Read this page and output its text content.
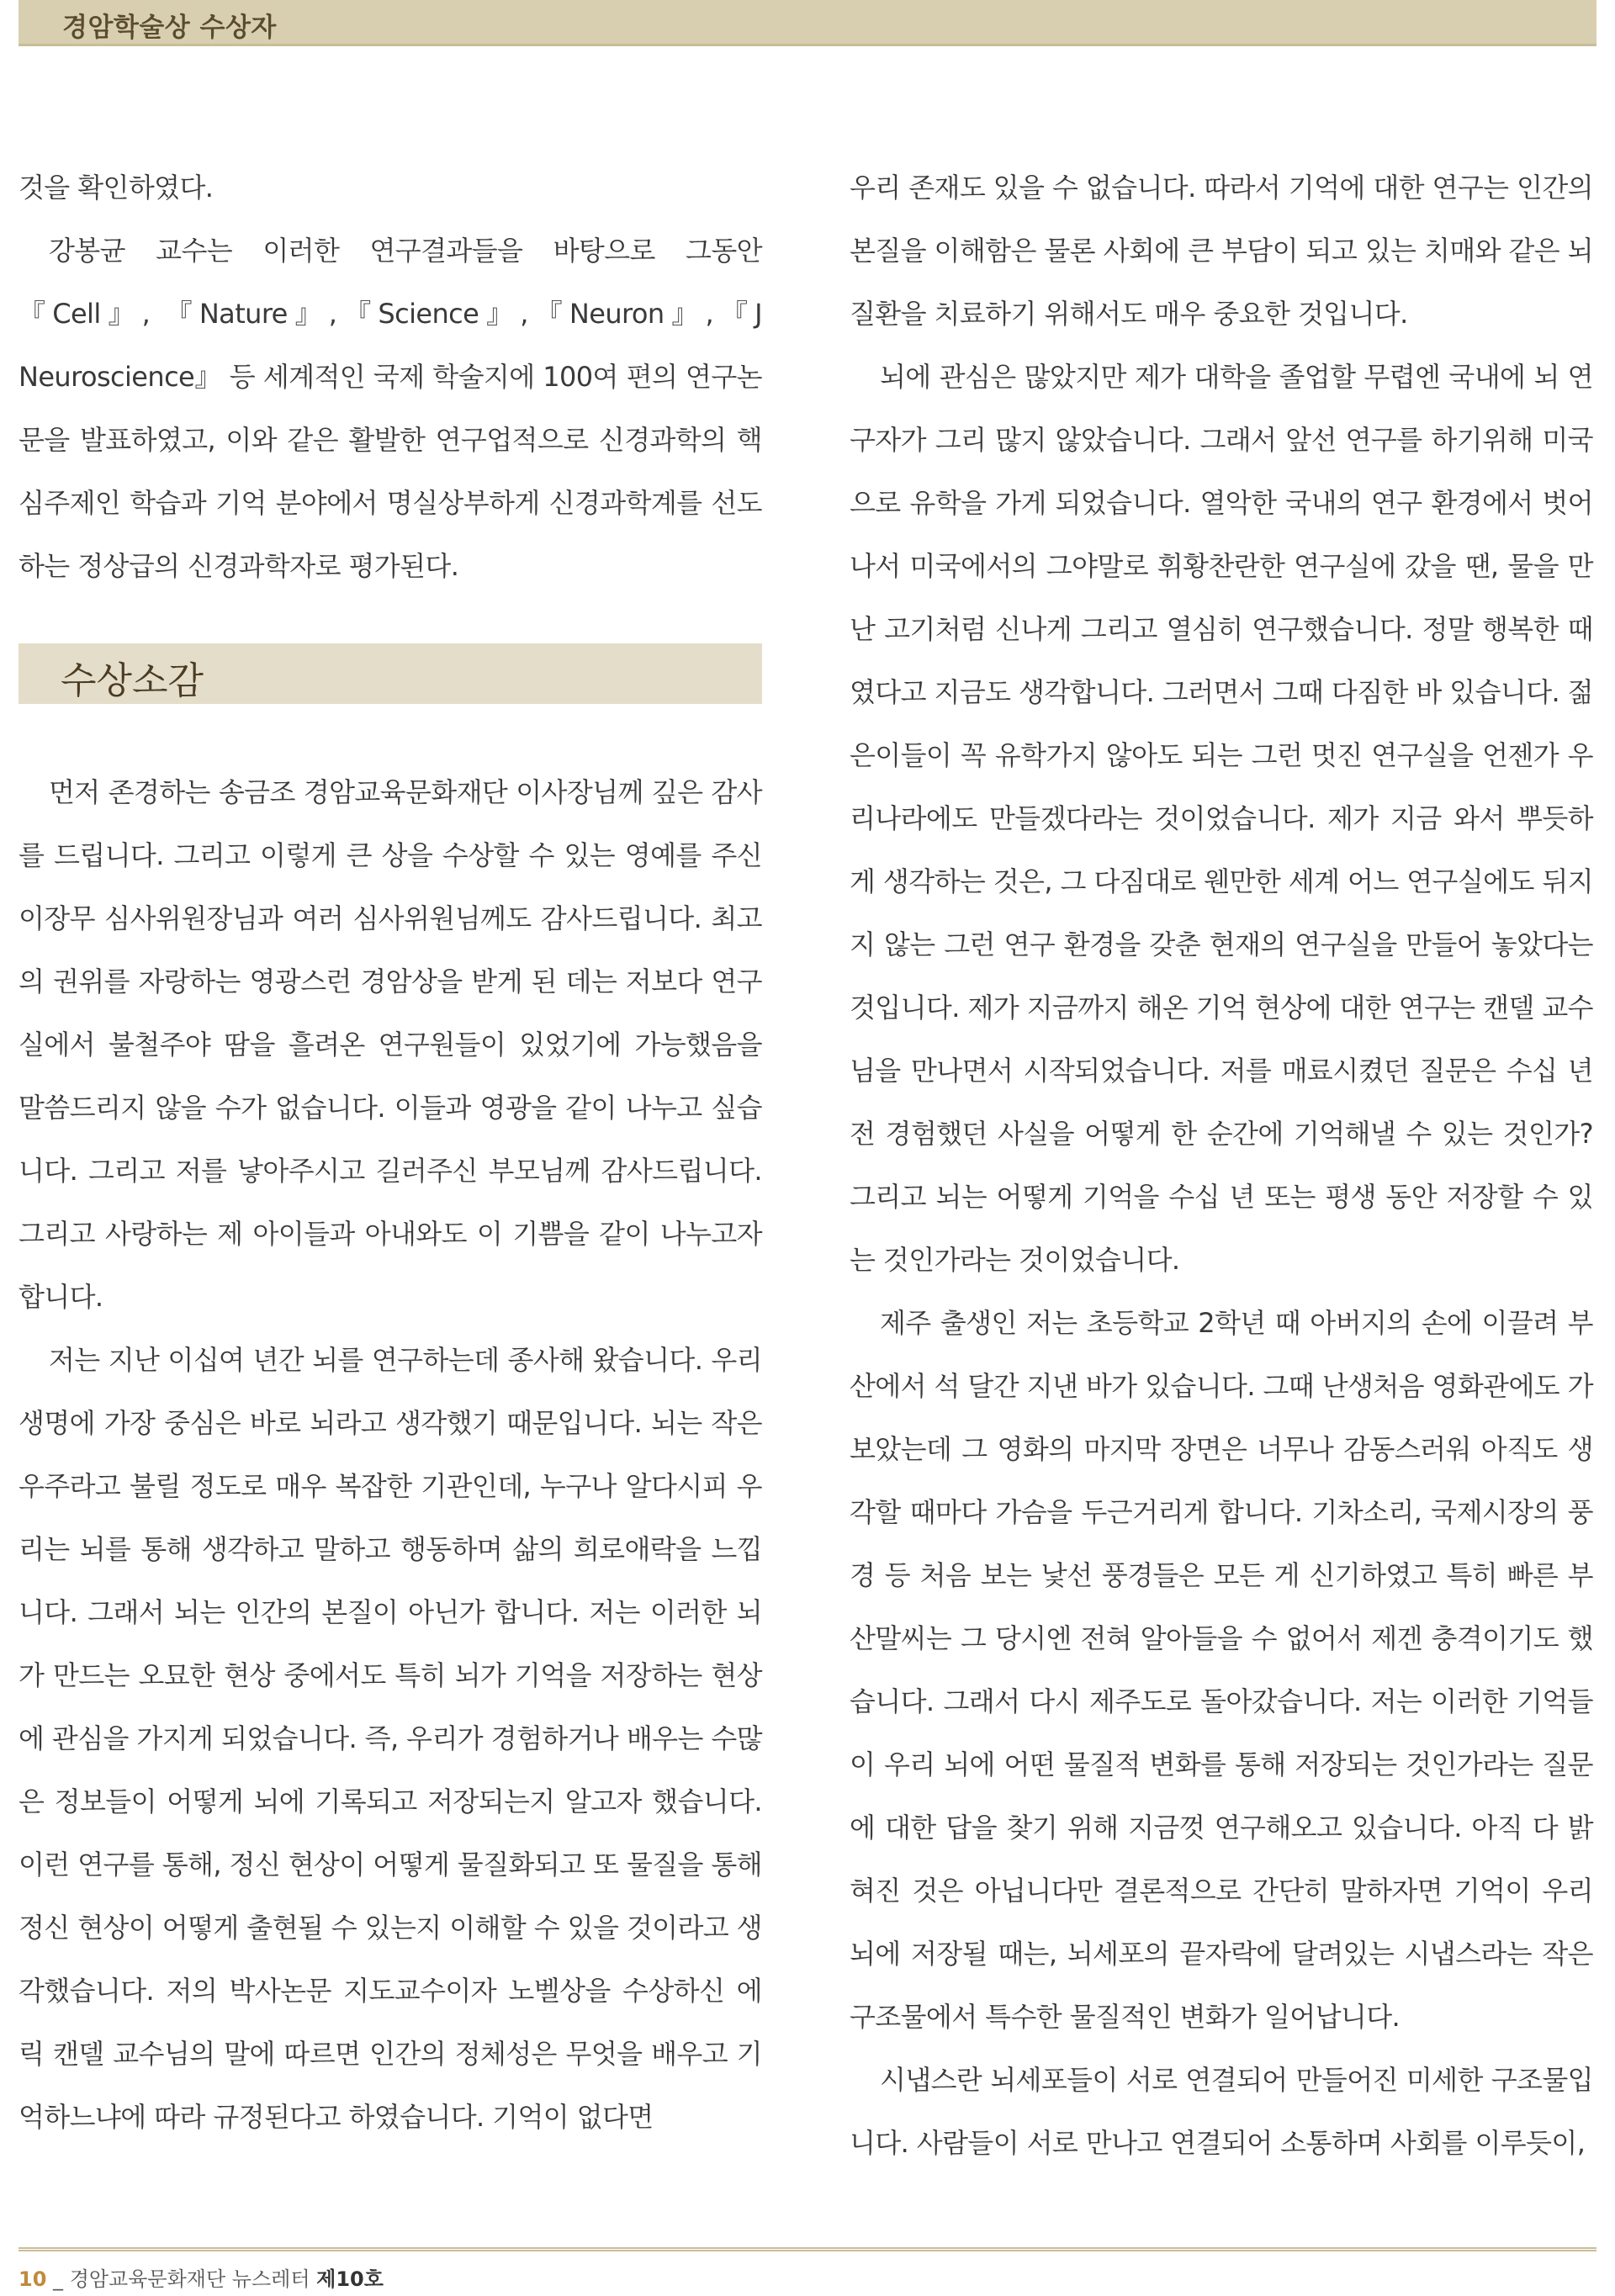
경암학술상 수상자

것을 확인하였다.

강봉균 교수는 이러한 연구결과들을 바탕으로 그동안 『Cell』, 『Nature』,『Science』,『Neuron』,『J Neuroscience』 등 세계적인 국제 학술지에 100여 편의 연구논문을 발표하였고, 이와 같은 활발한 연구업적으로 신경과학의 핵심주제인 학습과 기억 분야에서 명실상부하게 신경과학계를 선도하는 정상급의 신경과학자로 평가된다.

수상소감

먼저 존경하는 송금조 경암교육문화재단 이사장님께 깊은 감사를 드립니다. 그리고 이렇게 큰 상을 수상할 수 있는 영예를 주신 이장무 심사위원장님과 여러 심사위원님께도 감사드립니다. 최고의 권위를 자랑하는 영광스런 경암상을 받게 된 데는 저보다 연구실에서 불철주야 땀을 흘려온 연구원들이 있었기에 가능했음을 말씀드리지 않을 수가 없습니다. 이들과 영광을 같이 나누고 싶습니다. 그리고 저를 낳아주시고 길러주신 부모님께 감사드립니다. 그리고 사랑하는 제 아이들과 아내와도 이 기쁨을 같이 나누고자 합니다.

저는 지난 이십여 년간 뇌를 연구하는데 종사해 왔습니다. 우리 생명에 가장 중심은 바로 뇌라고 생각했기 때문입니다. 뇌는 작은 우주라고 불릴 정도로 매우 복잡한 기관인데, 누구나 알다시피 우리는 뇌를 통해 생각하고 말하고 행동하며 삶의 희로애락을 느낍니다. 그래서 뇌는 인간의 본질이 아닌가 합니다. 저는 이러한 뇌가 만드는 오묘한 현상 중에서도 특히 뇌가 기억을 저장하는 현상에 관심을 가지게 되었습니다. 즉, 우리가 경험하거나 배우는 수많은 정보들이 어떻게 뇌에 기록되고 저장되는지 알고자 했습니다. 이런 연구를 통해, 정신 현상이 어떻게 물질화되고 또 물질을 통해 정신 현상이 어떻게 출현될 수 있는지 이해할 수 있을 것이라고 생각했습니다. 저의 박사논문 지도교수이자 노벨상을 수상하신 에릭 캔델 교수님의 말에 따르면 인간의 정체성은 무엇을 배우고 기억하느냐에 따라 규정된다고 하였습니다. 기억이 없다면

우리 존재도 있을 수 없습니다. 따라서 기억에 대한 연구는 인간의 본질을 이해함은 물론 사회에 큰 부담이 되고 있는 치매와 같은 뇌질환을 치료하기 위해서도 매우 중요한 것입니다.

뇌에 관심은 많았지만 제가 대학을 졸업할 무렵엔 국내에 뇌 연구자가 그리 많지 않았습니다. 그래서 앞선 연구를 하기위해 미국으로 유학을 가게 되었습니다. 열악한 국내의 연구 환경에서 벗어나서 미국에서의 그야말로 휘황찬란한 연구실에 갔을 땐, 물을 만난 고기처럼 신나게 그리고 열심히 연구했습니다. 정말 행복한 때였다고 지금도 생각합니다. 그러면서 그때 다짐한 바 있습니다. 젊은이들이 꼭 유학가지 않아도 되는 그런 멋진 연구실을 언젠가 우리나라에도 만들겠다라는 것이었습니다. 제가 지금 와서 뿌듯하게 생각하는 것은, 그 다짐대로 웬만한 세계 어느 연구실에도 뒤지지 않는 그런 연구 환경을 갖춘 현재의 연구실을 만들어 놓았다는 것입니다. 제가 지금까지 해온 기억 현상에 대한 연구는 캔델 교수님을 만나면서 시작되었습니다. 저를 매료시켰던 질문은 수십 년 전 경험했던 사실을 어떻게 한 순간에 기억해낼 수 있는 것인가? 그리고 뇌는 어떻게 기억을 수십 년 또는 평생 동안 저장할 수 있는 것인가라는 것이었습니다.

제주 출생인 저는 초등학교 2학년 때 아버지의 손에 이끌려 부산에서 석 달간 지낸 바가 있습니다. 그때 난생처음 영화관에도 가보았는데 그 영화의 마지막 장면은 너무나 감동스러워 아직도 생각할 때마다 가슴을 두근거리게 합니다. 기차소리, 국제시장의 풍경 등 처음 보는 낯선 풍경들은 모든 게 신기하였고 특히 빠른 부산말씨는 그 당시엔 전혀 알아들을 수 없어서 제겐 충격이기도 했습니다. 그래서 다시 제주도로 돌아갔습니다. 저는 이러한 기억들이 우리 뇌에 어떤 물질적 변화를 통해 저장되는 것인가라는 질문에 대한 답을 찾기 위해 지금껏 연구해오고 있습니다. 아직 다 밝혀진 것은 아닙니다만 결론적으로 간단히 말하자면 기억이 우리 뇌에 저장될 때는, 뇌세포의 끝자락에 달려있는 시냅스라는 작은 구조물에서 특수한 물질적인 변화가 일어납니다.

시냅스란 뇌세포들이 서로 연결되어 만들어진 미세한 구조물입니다. 사람들이 서로 만나고 연결되어 소통하며 사회를 이루듯이,

10 _ 경암교육문화재단 뉴스레터 제10호
